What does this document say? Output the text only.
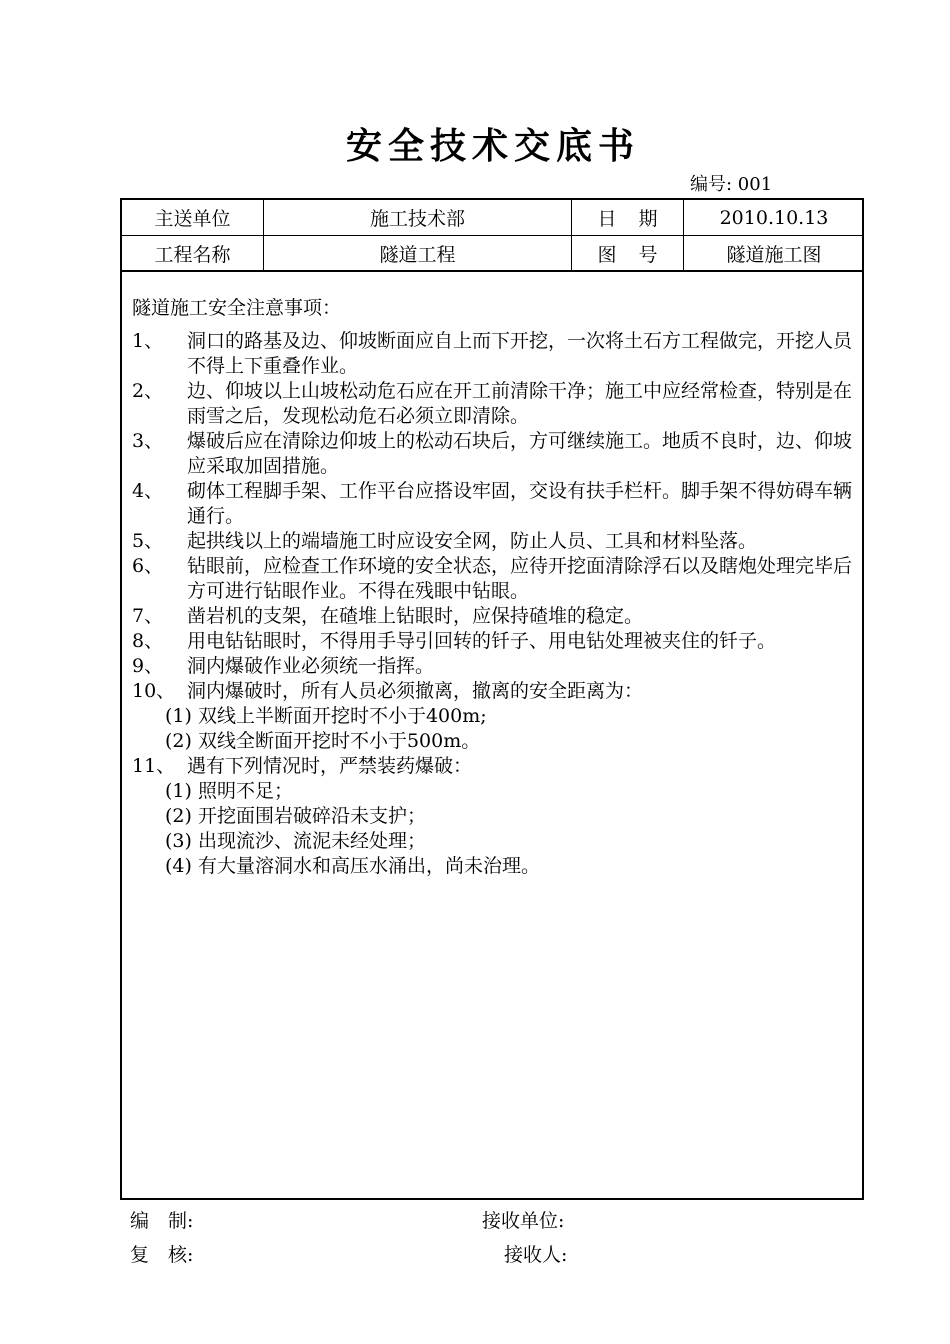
安全技术交底书
编号: 001
主送单位	施工技术部	日期	2010.10.13
工程名称	隧道工程	图号	隧道施工图
隧道施工安全注意事项：
1、	洞口的路基及边、仰坡断面应自上而下开挖，一次将土石方工程做完，开挖人员不得上下重叠作业。
2、	边、仰坡以上山坡松动危石应在开工前清除干净；施工中应经常检查，特别是在雨雪之后，发现松动危石必须立即清除。
3、	爆破后应在清除边仰坡上的松动石块后，方可继续施工。地质不良时，边、仰坡应采取加固措施。
4、	砌体工程脚手架、工作平台应搭设牢固，交设有扶手栏杆。脚手架不得妨碍车辆通行。
5、	起拱线以上的端墙施工时应设安全网，防止人员、工具和材料坠落。
6、	钻眼前，应检查工作环境的安全状态，应待开挖面清除浮石以及瞎炮处理完毕后方可进行钻眼作业。不得在残眼中钻眼。
7、	凿岩机的支架，在碴堆上钻眼时，应保持碴堆的稳定。
8、	用电钻钻眼时，不得用手导引回转的钎子、用电钻处理被夹住的钎子。
9、	洞内爆破作业必须统一指挥。
10、 洞内爆破时，所有人员必须撤离，撤离的安全距离为：
(1) 双线上半断面开挖时不小于400m;
(2) 双线全断面开挖时不小于500m。
11、 遇有下列情况时，严禁装药爆破：
(1) 照明不足；
(2) 开挖面围岩破碎沿未支护；
(3) 出现流沙、流泥未经处理；
(4) 有大量溶洞水和高压水涌出，尚未治理。
编　制:	接收单位:
复　核:	接收人:
